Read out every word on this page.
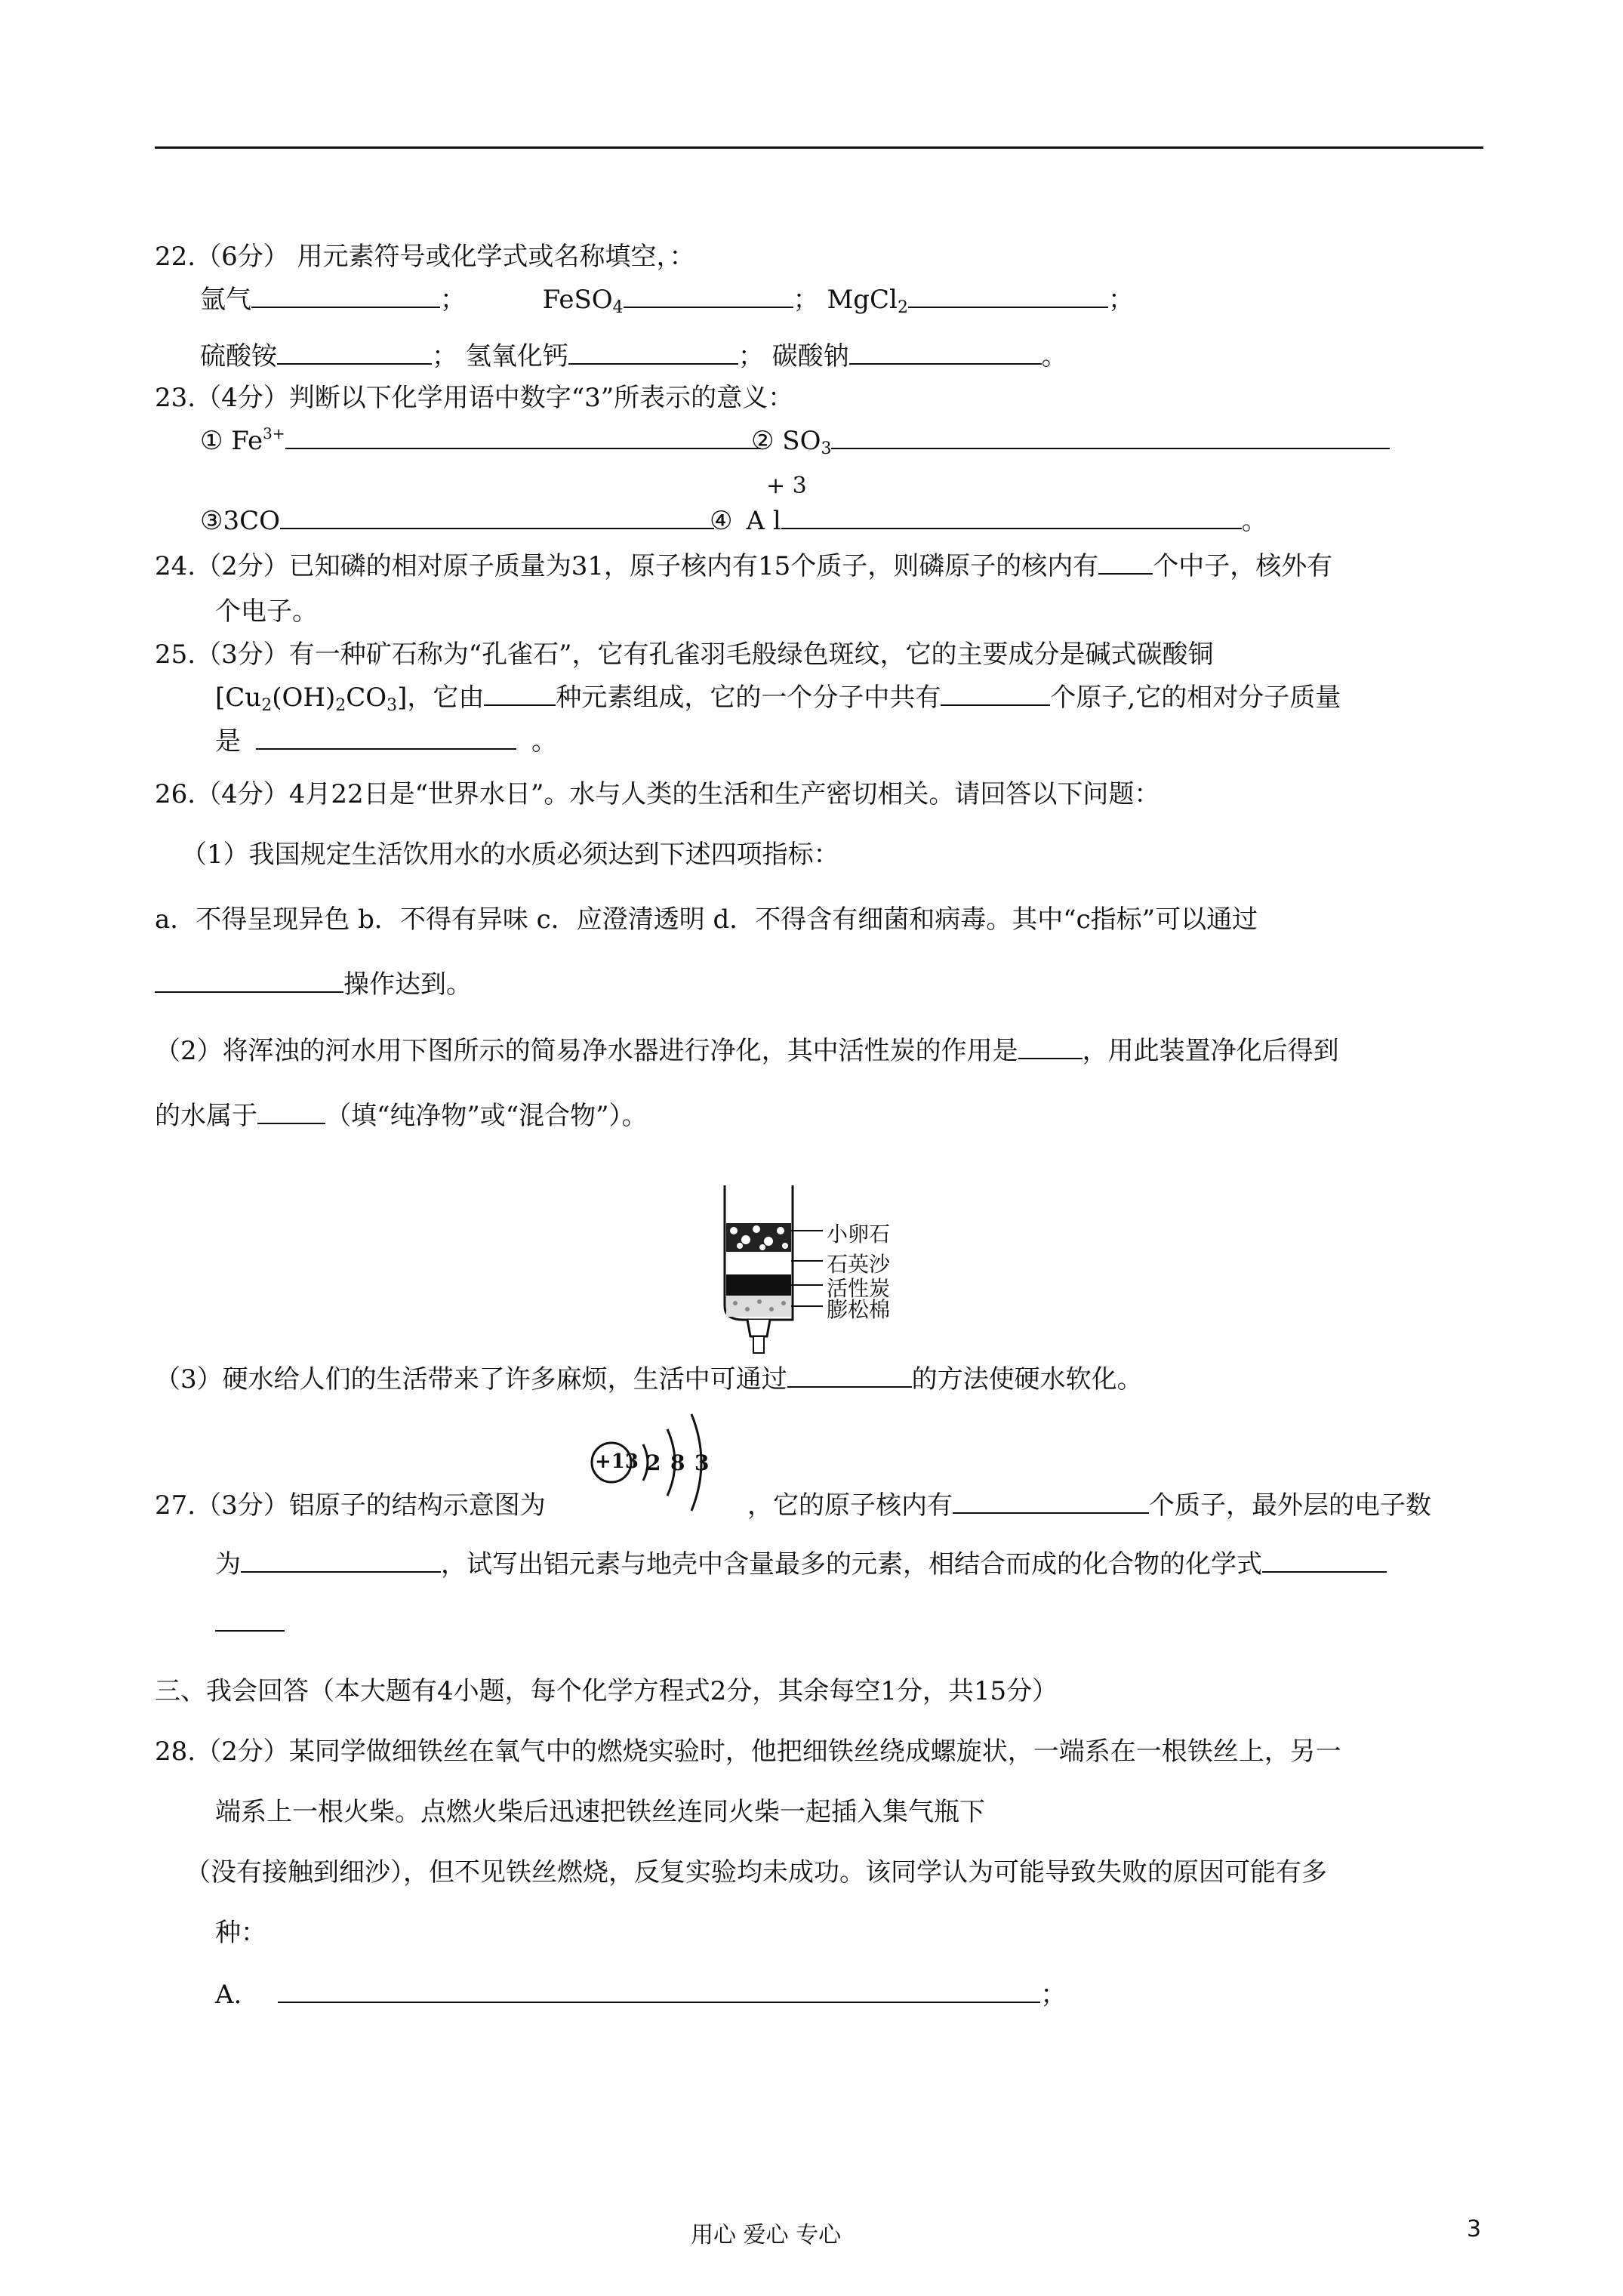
22.（6分） 用元素符号或化学式或名称填空，：
氩气	；	FeSO$_4$	； MgCl$_2$	；
硫酸铵	； 氢氧化钙	； 碳酸钠	。
23.（4分）判断以下化学用语中数字“3”所表示的意义：
① $Fe^{3+}$	② $SO_3$
+ 3
③3CO	④ A l	。
24.（2分）已知磷的相对原子质量为31，原子核内有15个质子，则磷原子的核内有 个中子，核外有
个电子。
25.（3分）有一种矿石称为“孔雀石”，它有孔雀羽毛般绿色斑纹，它的主要成分是碱式碳酸铜
$[Cu_2(OH)_2CO_3]$，它由	种元素组成，它的一个分子中共有	个原子,它的相对分子质量
是	。
26.（4分）4月22日是“世界水日”。水与人类的生活和生产密切相关。请回答以下问题：
（1）我国规定生活饮用水的水质必须达到下述四项指标：
a．不得呈现异色 b．不得有异味 c．应澄清透明 d．不得含有细菌和病毒。其中“c指标”可以通过
操作达到。
（2）将浑浊的河水用下图所示的简易净水器进行净化，其中活性炭的作用是	，用此装置净化后得到
的水属于	（填“纯净物”或“混合物”）。
小卵石
石英沙
活性炭
膨松棉
（3）硬水给人们的生活带来了许多麻烦，生活中可通过	的方法使硬水软化。
+13 2 8 3
27.（3分）铝原子的结构示意图为	，它的原子核内有	个质子，最外层的电子数
为	，试写出铝元素与地壳中含量最多的元素，相结合而成的化合物的化学式
三、我会回答（本大题有4小题，每个化学方程式2分，其余每空1分，共15分）
28.（2分）某同学做细铁丝在氧气中的燃烧实验时，他把细铁丝绕成螺旋状，一端系在一根铁丝上，另一
端系上一根火柴。点燃火柴后迅速把铁丝连同火柴一起插入集气瓶下
（没有接触到细沙），但不见铁丝燃烧，反复实验均未成功。该同学认为可能导致失败的原因可能有多
种：
A.	；
用心 爱心 专心	3
